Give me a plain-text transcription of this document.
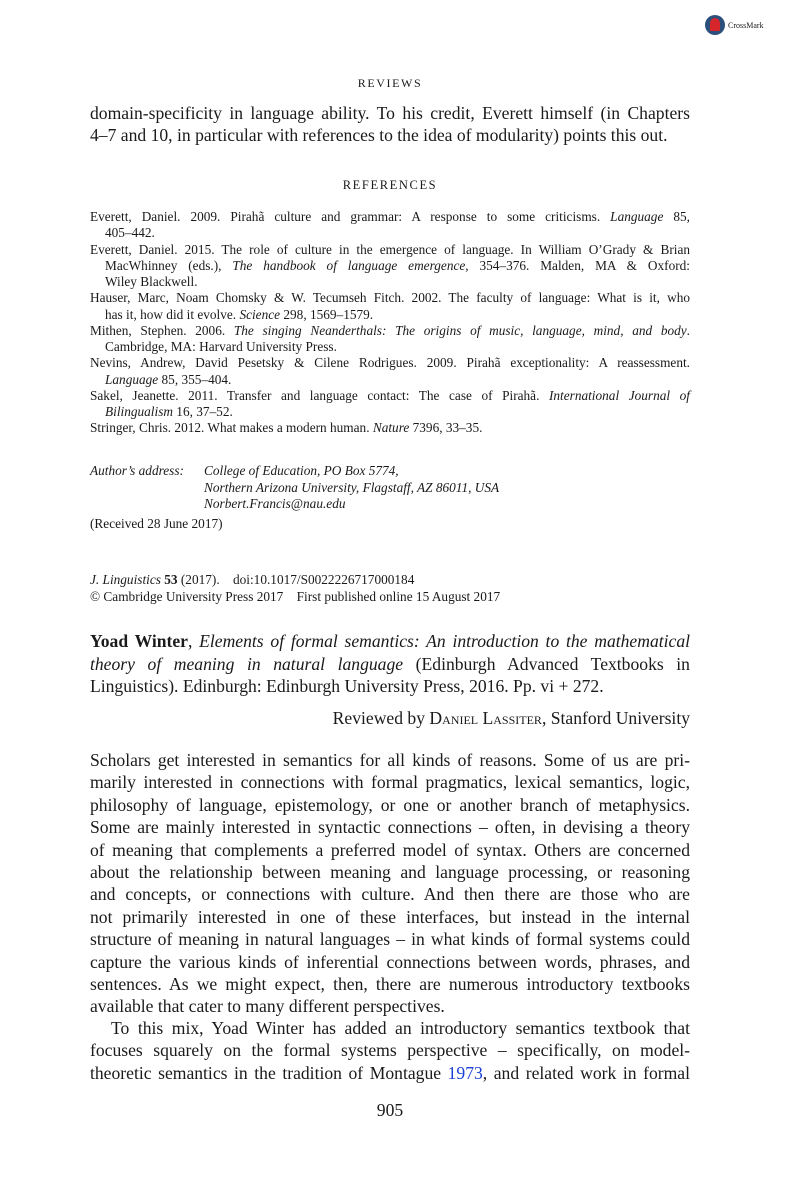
CrossMark
REVIEWS
domain-specificity in language ability. To his credit, Everett himself (in Chapters
4–7 and 10, in particular with references to the idea of modularity) points this out.
REFERENCES
Everett, Daniel. 2009. Pirahã culture and grammar: A response to some criticisms. Language 85,
405–442.
Everett, Daniel. 2015. The role of culture in the emergence of language. In William O’Grady & Brian
MacWhinney (eds.), The handbook of language emergence, 354–376. Malden, MA & Oxford:
Wiley Blackwell.
Hauser, Marc, Noam Chomsky & W. Tecumseh Fitch. 2002. The faculty of language: What is it, who
has it, how did it evolve. Science 298, 1569–1579.
Mithen, Stephen. 2006. The singing Neanderthals: The origins of music, language, mind, and body.
Cambridge, MA: Harvard University Press.
Nevins, Andrew, David Pesetsky & Cilene Rodrigues. 2009. Pirahã exceptionality: A reassessment.
Language 85, 355–404.
Sakel, Jeanette. 2011. Transfer and language contact: The case of Pirahã. International Journal of
Bilingualism 16, 37–52.
Stringer, Chris. 2012. What makes a modern human. Nature 7396, 33–35.
Author’s address:	College of Education, PO Box 5774,
Northern Arizona University, Flagstaff, AZ 86011, USA
Norbert.Francis@nau.edu
(Received 28 June 2017)
J. Linguistics 53 (2017). doi:10.1017/S0022226717000184
© Cambridge University Press 2017 First published online 15 August 2017
Yoad Winter, Elements of formal semantics: An introduction to the mathematical
theory of meaning in natural language (Edinburgh Advanced Textbooks in
Linguistics). Edinburgh: Edinburgh University Press, 2016. Pp. vi + 272.
Reviewed by Daniel Lassiter, Stanford University
Scholars get interested in semantics for all kinds of reasons. Some of us are pri-
marily interested in connections with formal pragmatics, lexical semantics, logic,
philosophy of language, epistemology, or one or another branch of metaphysics.
Some are mainly interested in syntactic connections – often, in devising a theory
of meaning that complements a preferred model of syntax. Others are concerned
about the relationship between meaning and language processing, or reasoning
and concepts, or connections with culture. And then there are those who are
not primarily interested in one of these interfaces, but instead in the internal
structure of meaning in natural languages – in what kinds of formal systems could
capture the various kinds of inferential connections between words, phrases, and
sentences. As we might expect, then, there are numerous introductory textbooks
available that cater to many different perspectives.
To this mix, Yoad Winter has added an introductory semantics textbook that
focuses squarely on the formal systems perspective – specifically, on model-
theoretic semantics in the tradition of Montague 1973, and related work in formal
905
